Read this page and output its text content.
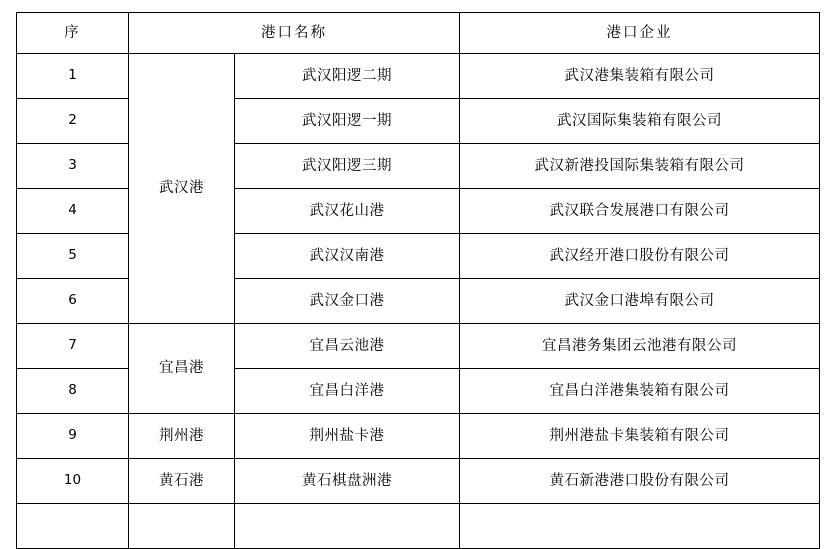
序	港口名称		港口企业

1	武汉港	武汉阳逻二期	武汉港集装箱有限公司

2		武汉阳逻一期	武汉国际集装箱有限公司

3		武汉阳逻三期	武汉新港投国际集装箱有限公司

4		武汉花山港	武汉联合发展港口有限公司

5		武汉汉南港	武汉经开港口股份有限公司

6		武汉金口港	武汉金口港埠有限公司

7	宜昌港	宜昌云池港	宜昌港务集团云池港有限公司

8		宜昌白洋港	宜昌白洋港集装箱有限公司

9	荆州港	荆州盐卡港	荆州港盐卡集装箱有限公司

10	黄石港	黄石棋盘洲港	黄石新港港口股份有限公司
